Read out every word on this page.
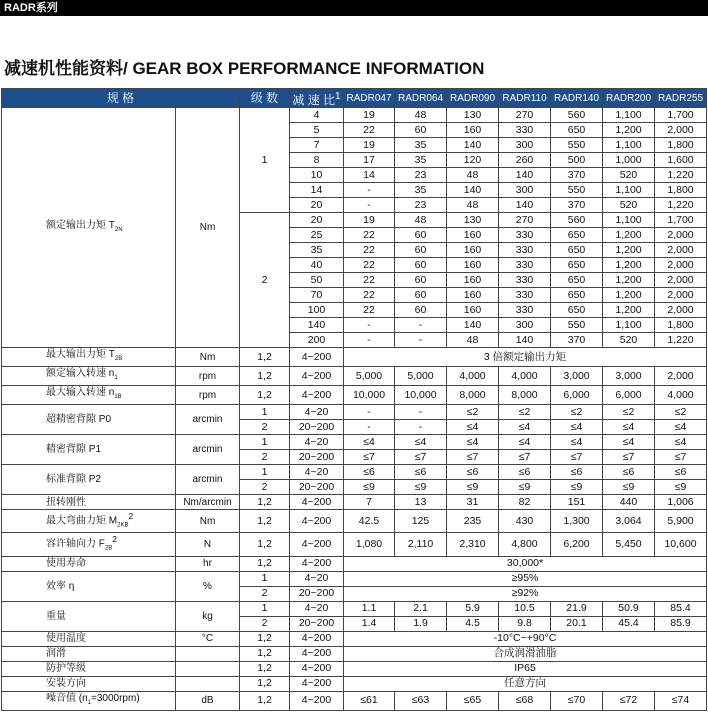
RADR系列
减速机性能资料/ GEAR BOX PERFORMANCE INFORMATION
规 格		级 数	减 速 比$^1$	RADR047	RADR064	RADR090	RADR110	RADR140	RADR200	RADR255
额定输出力矩 $T_{2N}$	Nm	1	4	19	48	130	270	560	1,100	1,700
			5	22	60	160	330	650	1,200	2,000
			7	19	35	140	300	550	1,100	1,800
			8	17	35	120	260	500	1,000	1,600
			10	14	23	48	140	370	520	1,220
			14	-	35	140	300	550	1,100	1,800
			20	-	23	48	140	370	520	1,220
		2	20	19	48	130	270	560	1,100	1,700
			25	22	60	160	330	650	1,200	2,000
			35	22	60	160	330	650	1,200	2,000
			40	22	60	160	330	650	1,200	2,000
			50	22	60	160	330	650	1,200	2,000
			70	22	60	160	330	650	1,200	2,000
			100	22	60	160	330	650	1,200	2,000
			140	-	-	140	300	550	1,100	1,800
			200	-	-	48	140	370	520	1,220
最大输出力矩 $T_{2B}$	Nm	1,2	4~200	3 倍额定输出力矩						
额定输入转速 $n_1$	rpm	1,2	4~200	5,000	5,000	4,000	4,000	3,000	3,000	2,000
最大输入转速 $n_{1B}$	rpm	1,2	4~200	10,000	10,000	8,000	8,000	6,000	6,000	4,000
超精密背隙 P0	arcmin	1	4~20	-	-	≤2	≤2	≤2	≤2	≤2
		2	20~200	-	-	≤4	≤4	≤4	≤4	≤4
精密背隙 P1	arcmin	1	4~20	≤4	≤4	≤4	≤4	≤4	≤4	≤4
		2	20~200	≤7	≤7	≤7	≤7	≤7	≤7	≤7
标准背隙 P2	arcmin	1	4~20	≤6	≤6	≤6	≤6	≤6	≤6	≤6
		2	20~200	≤9	≤9	≤9	≤9	≤9	≤9	≤9
扭转刚性	Nm/arcmin	1,2	4~200	7	13	31	82	151	440	1,006
最大弯曲力矩 $M_{2KB}^2$	Nm	1,2	4~200	42.5	125	235	430	1,300	3,064	5,900
容许轴向力 $F_{2B}^2$	N	1,2	4~200	1,080	2,110	2,310	4,800	6,200	5,450	10,600
使用寿命	hr	1,2	4~200	30,000*						
效率 η	%	1	4~20	≥95%						
		2	20~200	≥92%						
重量	kg	1	4~20	1.1	2.1	5.9	10.5	21.9	50.9	85.4
		2	20~200	1.4	1.9	4.5	9.8	20.1	45.4	85.9
使用温度	°C	1,2	4~200	-10°C~+90°C						
润滑		1,2	4~200	合成润滑油脂						
防护等级		1,2	4~200	IP65						
安装方向		1,2	4~200	任意方向						
噪音值 $(n_1=3000rpm)$	dB	1,2	4~200	≤61	≤63	≤65	≤68	≤70	≤72	≤74
